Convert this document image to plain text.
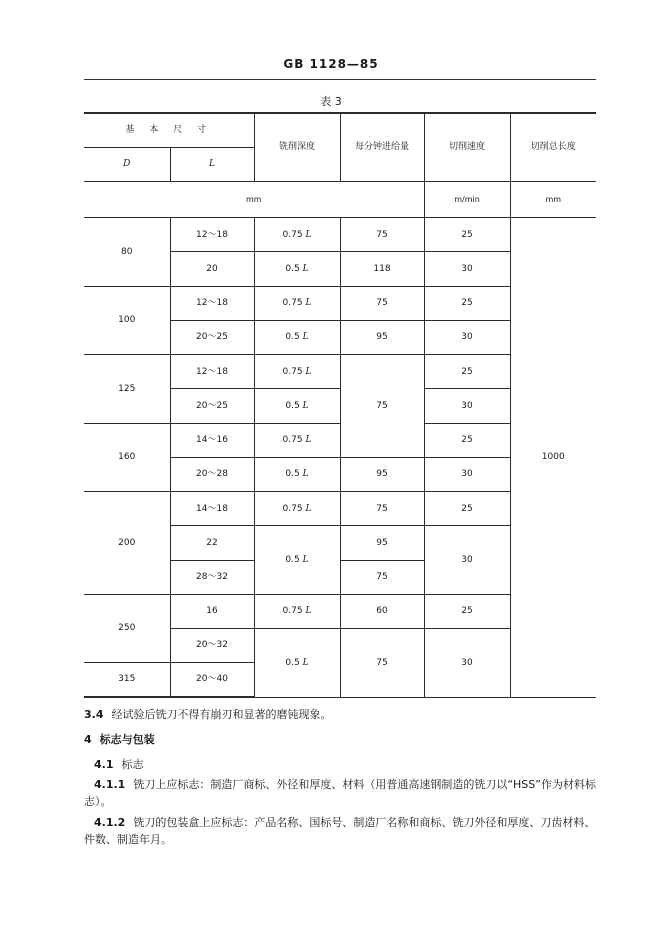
GB 1128—85
表 3
基 本 尺 寸		铣削深度	每分钟进给量	切削速度	切削总长度
D	L				
mm				m/min	mm
80	12～18	0.75 L	75	25	1000
	20	0.5 L	118	30	
100	12～18	0.75 L	75	25	
	20～25	0.5 L	95	30	
125	12～18	0.75 L	75	25	
	20～25	0.5 L		30	
160	14～16	0.75 L		25	
	20～28	0.5 L	95	30	
200	14～18	0.75 L	75	25	
	22	0.5 L	95	30	
	28～32		75		
250	16	0.75 L	60	25	
	20～32	0.5 L	75	30	
315	20～40				
3.4 经试验后铣刀不得有崩刃和显著的磨钝现象。
4 标志与包装
4.1 标志
4.1.1 铣刀上应标志：制造厂商标、外径和厚度、材料（用普通高速钢制造的铣刀以“HSS”作为材料标志）。
4.1.2 铣刀的包装盒上应标志：产品名称、国标号、制造厂名称和商标、铣刀外径和厚度、刀齿材料、件数、制造年月。
